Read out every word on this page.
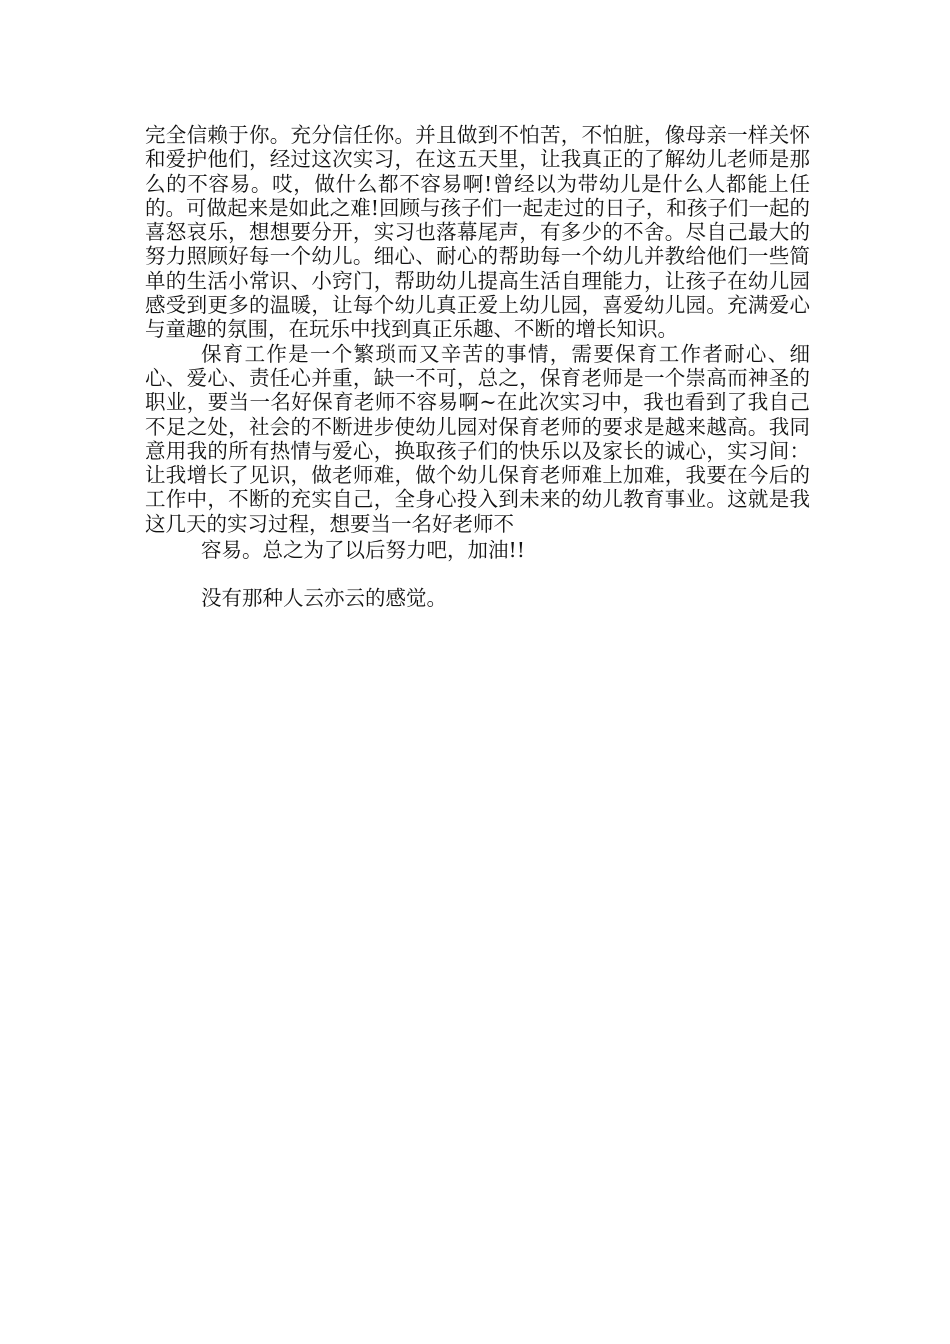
完全信赖于你。充分信任你。并且做到不怕苦，不怕脏，像母亲一样关怀和爱护他们，经过这次实习，在这五天里，让我真正的了解幼儿老师是那么的不容易。哎，做什么都不容易啊!曾经以为带幼儿是什么人都能上任的。可做起来是如此之难!回顾与孩子们一起走过的日子，和孩子们一起的喜怒哀乐，想想要分开，实习也落幕尾声，有多少的不舍。尽自己最大的努力照顾好每一个幼儿。细心、耐心的帮助每一个幼儿并教给他们一些简单的生活小常识、小窍门，帮助幼儿提高生活自理能力，让孩子在幼儿园感受到更多的温暖，让每个幼儿真正爱上幼儿园，喜爱幼儿园。充满爱心与童趣的氛围，在玩乐中找到真正乐趣、不断的增长知识。

保育工作是一个繁琐而又辛苦的事情，需要保育工作者耐心、细心、爱心、责任心并重，缺一不可，总之，保育老师是一个崇高而神圣的职业，要当一名好保育老师不容易啊~在此次实习中，我也看到了我自己不足之处，社会的不断进步使幼儿园对保育老师的要求是越来越高。我同意用我的所有热情与爱心，换取孩子们的快乐以及家长的诚心，实习间：让我增长了见识，做老师难，做个幼儿保育老师难上加难，我要在今后的工作中，不断的充实自己，全身心投入到未来的幼儿教育事业。这就是我这几天的实习过程，想要当一名好老师不

容易。总之为了以后努力吧，加油!!

没有那种人云亦云的感觉。
